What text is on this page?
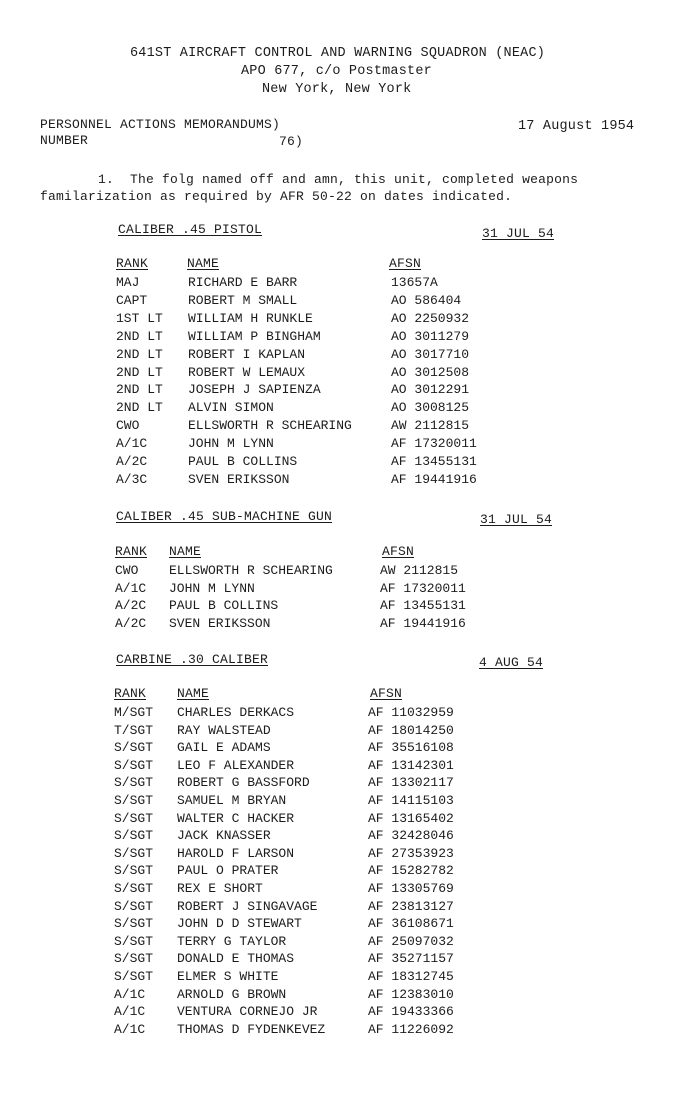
641ST AIRCRAFT CONTROL AND WARNING SQUADRON (NEAC)
APO 677, c/o Postmaster
New York, New York
PERSONNEL ACTIONS MEMORANDUMS)
NUMBER	76)
17 August 1954
1.  The folg named off and amn, this unit, completed weapons
familarization as required by AFR 50-22 on dates indicated.
CALIBER .45 PISTOL	31 JUL 54
RANK	NAME	AFSN
MAJ	RICHARD E BARR	13657A
CAPT	ROBERT M SMALL	AO 586404
1ST LT WILLIAM H RUNKLE	AO 2250932
2ND LT WILLIAM P BINGHAM	AO 3011279
2ND LT ROBERT I KAPLAN	AO 3017710
2ND LT ROBERT W LEMAUX	AO 3012508
2ND LT JOSEPH J SAPIENZA	AO 3012291
2ND LT ALVIN SIMON	AO 3008125
CWO	ELLSWORTH R SCHEARING	AW 2112815
A/1C	JOHN M LYNN	AF 17320011
A/2C	PAUL B COLLINS	AF 13455131
A/3C	SVEN ERIKSSON	AF 19441916
CALIBER .45 SUB-MACHINE GUN	31 JUL 54
RANK NAME	AFSN
CWO ELLSWORTH R SCHEARING	AW 2112815
A/1C JOHN M LYNN	AF 17320011
A/2C PAUL B COLLINS	AF 13455131
A/2C SVEN ERIKSSON	AF 19441916
CARBINE .30 CALIBER	4 AUG 54
RANK NAME	AFSN
M/SGT CHARLES DERKACS	AF 11032959
T/SGT RAY WALSTEAD	AF 18014250
S/SGT GAIL E ADAMS	AF 35516108
S/SGT LEO F ALEXANDER	AF 13142301
S/SGT ROBERT G BASSFORD	AF 13302117
S/SGT SAMUEL M BRYAN	AF 14115103
S/SGT WALTER C HACKER	AF 13165402
S/SGT JACK KNASSER	AF 32428046
S/SGT HAROLD F LARSON	AF 27353923
S/SGT PAUL O PRATER	AF 15282782
S/SGT REX E SHORT	AF 13305769
S/SGT ROBERT J SINGAVAGE	AF 23813127
S/SGT JOHN D D STEWART	AF 36108671
S/SGT TERRY G TAYLOR	AF 25097032
S/SGT DONALD E THOMAS	AF 35271157
S/SGT ELMER S WHITE	AF 18312745
A/1C ARNOLD G BROWN	AF 12383010
A/1C VENTURA CORNEJO JR	AF 19433366
A/1C THOMAS D FYDENKEVEZ	AF 11226092
